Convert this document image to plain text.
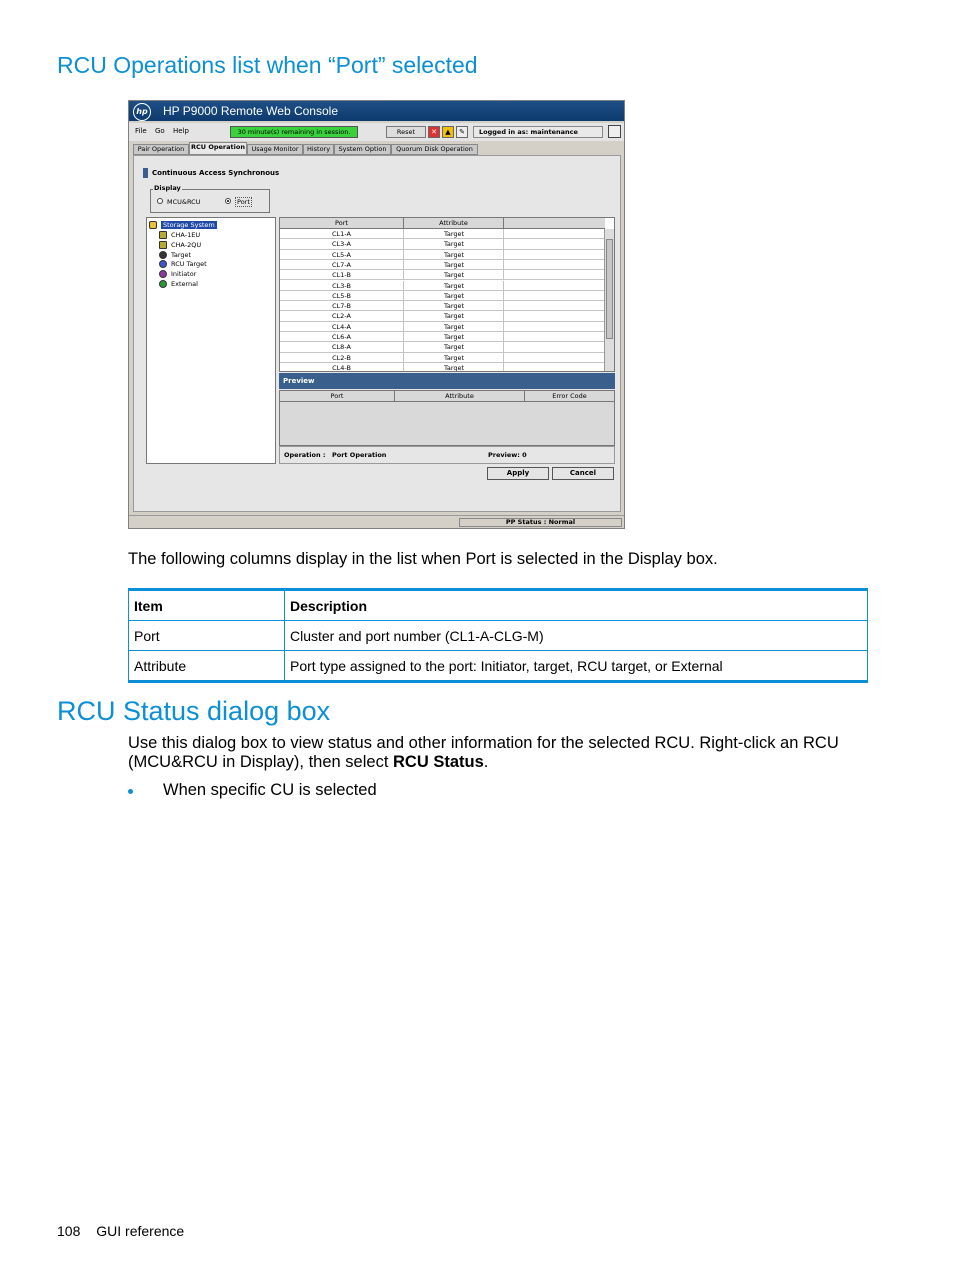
RCU Operations list when “Port” selected
hp HP P9000 Remote Web Console
File Go Help	30 minute(s) remaining in session.	Reset	✕	▲	✎	Logged in as: maintenance
Pair Operation	RCU Operation	Usage Monitor	History	System Option	Quorum Disk Operation
Continuous Access Synchronous
Display
MCU&RCU	Port
Storage System
CHA-1EU
CHA-2QU
Target
RCU Target
Initiator
External
Port	Attribute
CL1-A	Target
CL3-A	Target
CL5-A	Target
CL7-A	Target
CL1-B	Target
CL3-B	Target
CL5-B	Target
CL7-B	Target
CL2-A	Target
CL4-A	Target
CL6-A	Target
CL8-A	Target
CL2-B	Target
CL4-B	Target
Preview
Port	Attribute	Error Code
Operation : Port Operation	Preview: 0
Apply	Cancel
PP Status : Normal
The following columns display in the list when Port is selected in the Display box.
Item	Description
Port	Cluster and port number (CL1-A-CLG-M)
Attribute	Port type assigned to the port: Initiator, target, RCU target, or External
RCU Status dialog box
Use this dialog box to view status and other information for the selected RCU. Right-click an RCU (MCU&RCU in Display), then select RCU Status.
When specific CU is selected
108 GUI reference
